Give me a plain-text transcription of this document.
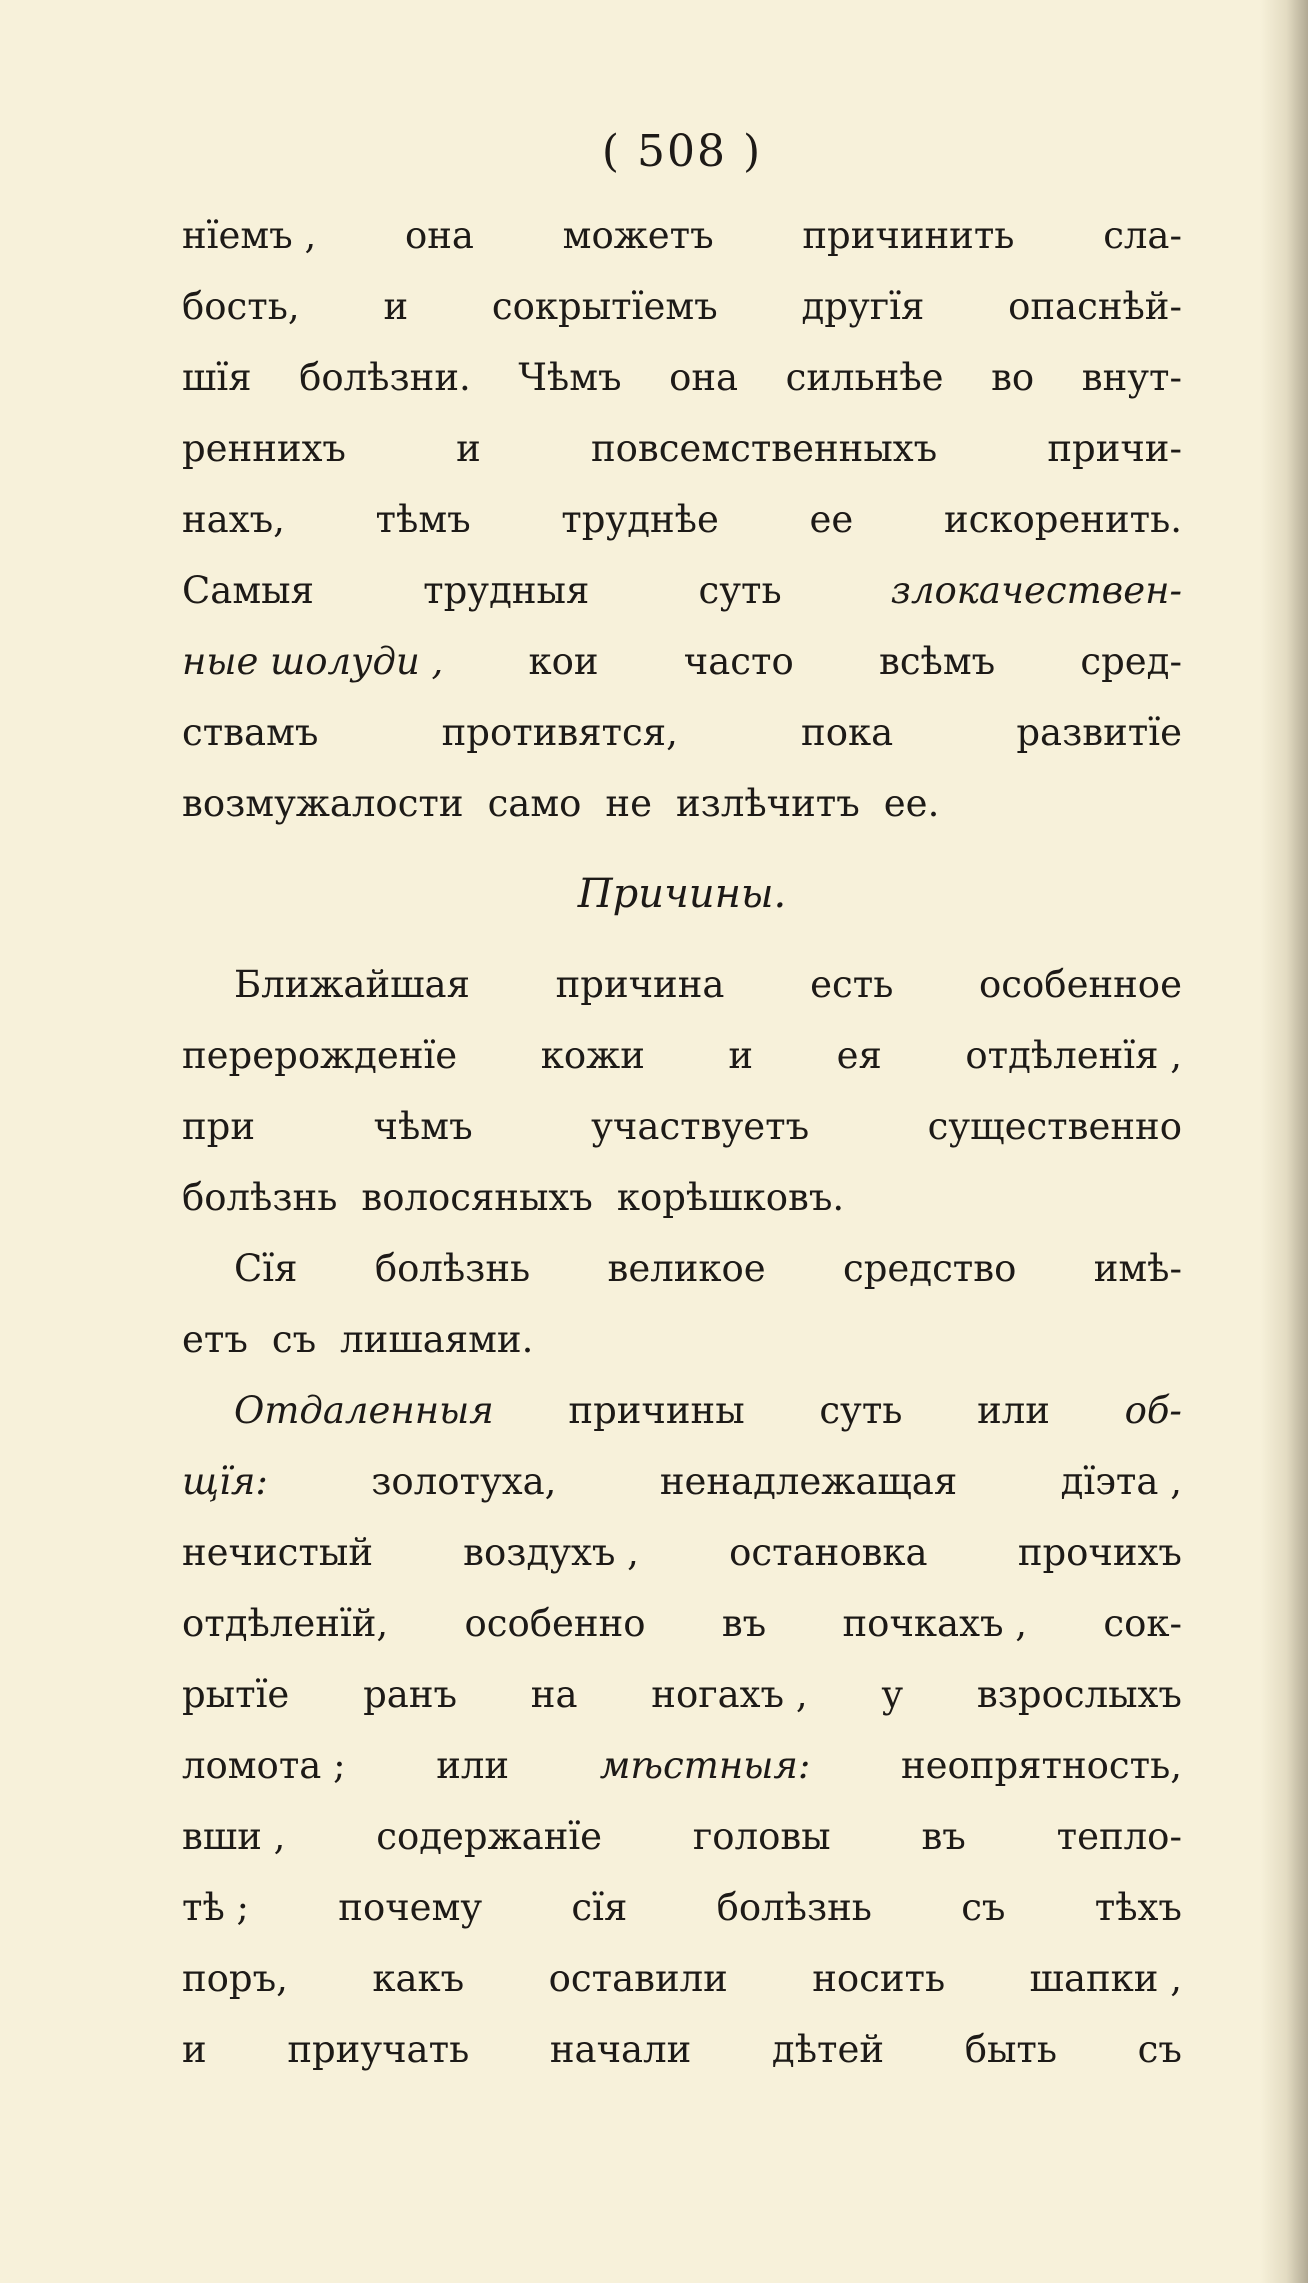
( 508 )
нїемъ , она можетъ причинить сла-
бость, и сокрытїемъ другїя опаснѣй-
шїя болѣзни. Чѣмъ она сильнѣе во внут-
реннихъ	и	повсемственныхъ	причи-
нахъ, тѣмъ труднѣе ее искоренить.
Самыя	трудныя	суть	злокачествен-
ные шолуди , кои часто всѣмъ сред-
ствамъ	противятся,	пока	развитїе
возмужалости само не излѣчитъ ее.
Причины.
Ближайшая причина есть особенное
перерожденїе кожи и ея отдѣленїя ,
при	чѣмъ	участвуетъ	существенно
болѣзнь волосяныхъ корѣшковъ.
Сїя болѣзнь великое средство имѣ-
етъ съ лишаями.
Отдаленныя причины суть или об-
щїя:	золотуха,	ненадлежащая	дїэта ,
нечистый воздухъ , остановка прочихъ
отдѣленїй, особенно въ почкахъ , сок-
рытїе ранъ на ногахъ , у взрослыхъ
ломота ; или мѣстныя: неопрятность,
вши , содержанїе головы въ тепло-
тѣ ; почему сїя болѣзнь съ тѣхъ
поръ, какъ оставили носить шапки ,
и приучать начали дѣтей быть съ
